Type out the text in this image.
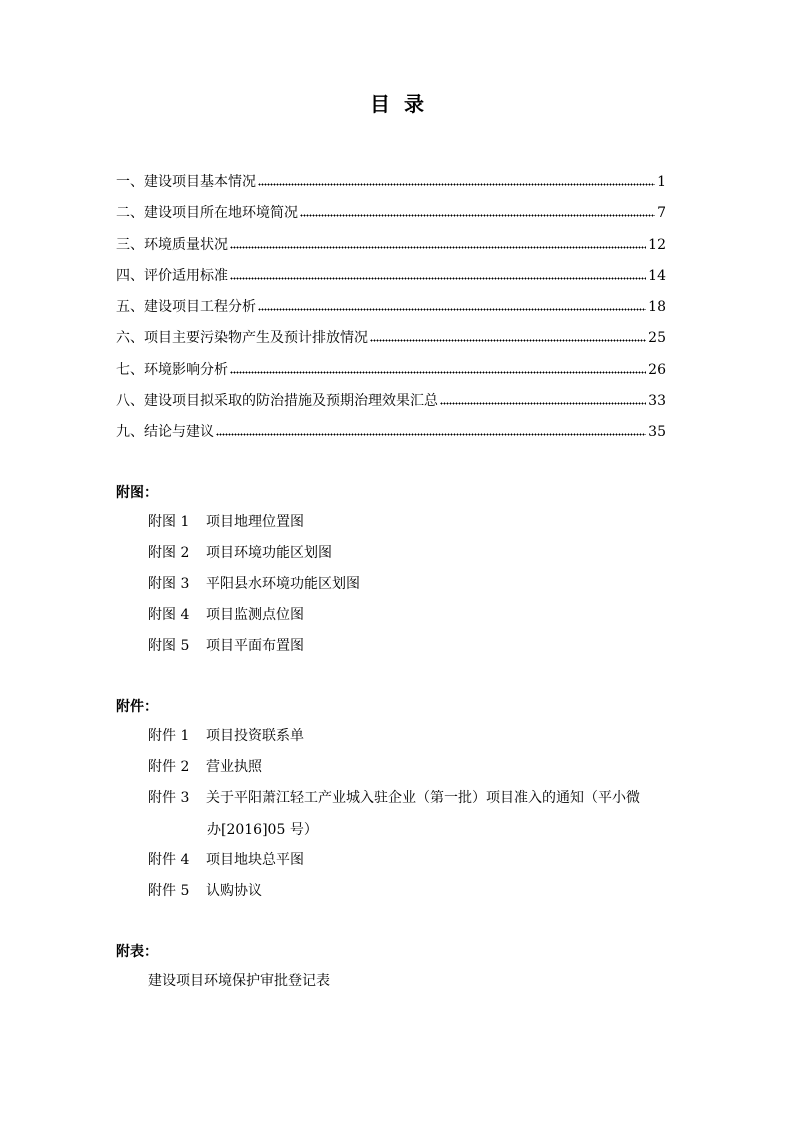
目  录
一、建设项目基本情况	1
二、建设项目所在地环境简况	7
三、环境质量状况	12
四、评价适用标准	14
五、建设项目工程分析	18
六、项目主要污染物产生及预计排放情况	25
七、环境影响分析	26
八、建设项目拟采取的防治措施及预期治理效果汇总	33
九、结论与建议	35
附图：
附图 1 项目地理位置图
附图 2 项目环境功能区划图
附图 3 平阳县水环境功能区划图
附图 4 项目监测点位图
附图 5 项目平面布置图
附件：
附件 1 项目投资联系单
附件 2 营业执照
附件 3 关于平阳萧江轻工产业城入驻企业（第一批）项目准入的通知（平小微
办[2016]05 号）
附件 4 项目地块总平图
附件 5 认购协议
附表：
建设项目环境保护审批登记表
